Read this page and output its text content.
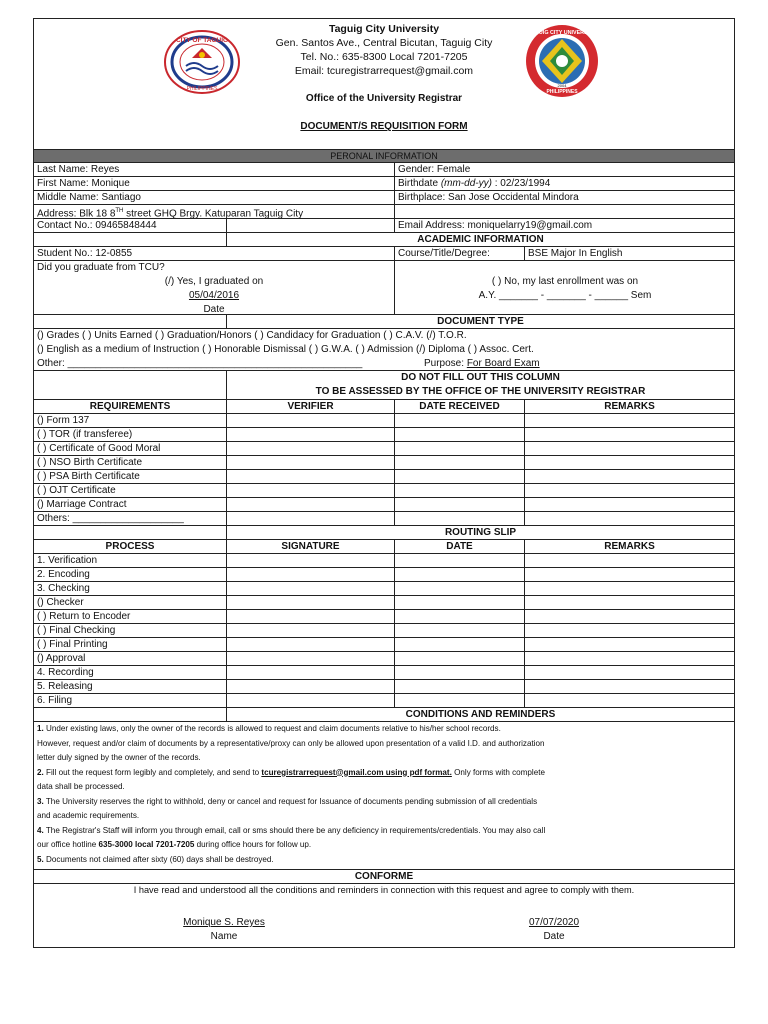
CITY OF TAGUIG
PHILIPPINES
Taguig City University
Gen. Santos Ave., Central Bicutan, Taguig City
Tel. No.: 635-8300 Local 7201-7205
Email: tcuregistrarrequest@gmail.com
Office of the University Registrar
DOCUMENT/S REQUISITION FORM
TAGUIG CITY UNIVERSITY
PHILIPPINES
2004
PERONAL INFORMATION
Last Name: Reyes	Gender: Female
First Name: Monique	Birthdate (mm-dd-yy) : 02/23/1994
Middle Name: Santiago	Birthplace: San Jose Occidental Mindora
Address: Blk 18 8TH street GHQ Brgy. Katuparan Taguig City
Contact No.: 09465848444	Email Address: moniquelarry19@gmail.com
ACADEMIC INFORMATION
Student No.: 12-0855	Course/Title/Degree:	BSE Major In English
Did you graduate from TCU?
(/) Yes, I graduated on
05/04/2016
Date
( ) No, my last enrollment was on
A.Y. _______ - _______ - ______ Sem
DOCUMENT TYPE
() Grades ( ) Units Earned ( ) Graduation/Honors ( ) Candidacy for Graduation ( ) C.A.V. (/) T.O.R.
() English as a medium of Instruction ( ) Honorable Dismissal ( ) G.W.A. ( ) Admission (/) Diploma ( ) Assoc. Cert.
Other: _____________________________________________________	Purpose: For Board Exam
DO NOT FILL OUT THIS COLUMN
TO BE ASSESSED BY THE OFFICE OF THE UNIVERSITY REGISTRAR
REQUIREMENTS	VERIFIER	DATE RECEIVED	REMARKS
() Form 137
( ) TOR (if transferee)
( ) Certificate of Good Moral
( ) NSO Birth Certificate
( ) PSA Birth Certificate
( ) OJT Certificate
() Marriage Contract
Others: ____________________
ROUTING SLIP
PROCESS	SIGNATURE	DATE	REMARKS
1. Verification
2. Encoding
3. Checking
() Checker
( ) Return to Encoder
( ) Final Checking
( ) Final Printing
() Approval
4. Recording
5. Releasing
6. Filing
CONDITIONS AND REMINDERS
1. Under existing laws, only the owner of the records is allowed to request and claim documents relative to his/her school records.
However, request and/or claim of documents by a representative/proxy can only be allowed upon presentation of a valid I.D. and authorization
letter duly signed by the owner of the records.
2. Fill out the request form legibly and completely, and send to tcuregistrarrequest@gmail.com using pdf format. Only forms with complete
data shall be processed.
3. The University reserves the right to withhold, deny or cancel and request for Issuance of documents pending submission of all credentials
and academic requirements.
4. The Registrar's Staff will inform you through email, call or sms should there be any deficiency in requirements/credentials. You may also call
our office hotline 635-3000 local 7201-7205 during office hours for follow up.
5. Documents not claimed after sixty (60) days shall be destroyed.
CONFORME
I have read and understood all the conditions and reminders in connection with this request and agree to comply with them.
Monique S. Reyes
Name
07/07/2020
Date
